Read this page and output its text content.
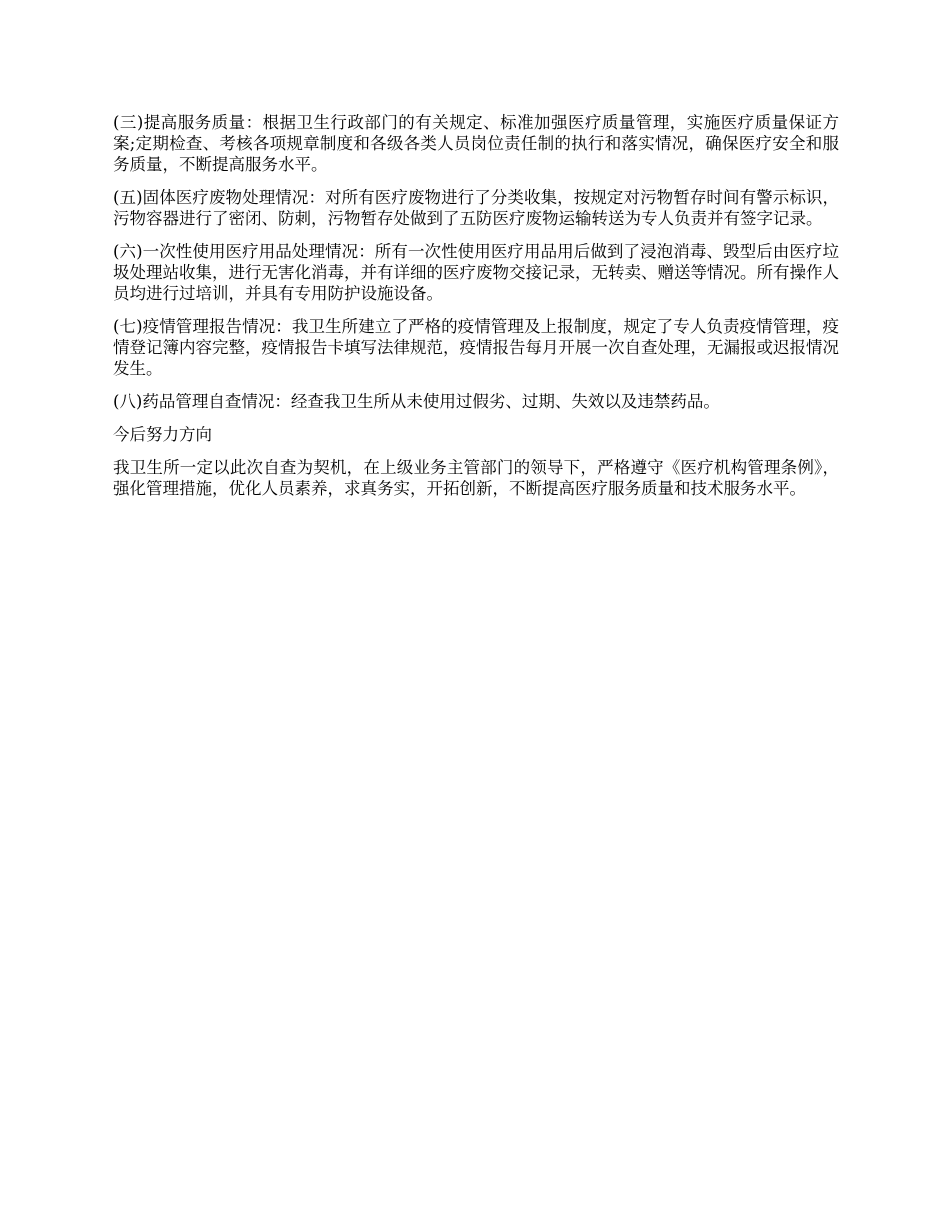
(三)提高服务质量：根据卫生行政部门的有关规定、标准加强医疗质量管理，实施医疗质量保证方案;定期检查、考核各项规章制度和各级各类人员岗位责任制的执行和落实情况，确保医疗安全和服务质量，不断提高服务水平。

(五)固体医疗废物处理情况：对所有医疗废物进行了分类收集，按规定对污物暂存时间有警示标识，污物容器进行了密闭、防刺，污物暂存处做到了五防医疗废物运输转送为专人负责并有签字记录。

(六)一次性使用医疗用品处理情况：所有一次性使用医疗用品用后做到了浸泡消毒、毁型后由医疗垃圾处理站收集，进行无害化消毒，并有详细的医疗废物交接记录，无转卖、赠送等情况。所有操作人员均进行过培训，并具有专用防护设施设备。

(七)疫情管理报告情况：我卫生所建立了严格的疫情管理及上报制度，规定了专人负责疫情管理，疫情登记簿内容完整，疫情报告卡填写法律规范，疫情报告每月开展一次自查处理，无漏报或迟报情况发生。

(八)药品管理自查情况：经查我卫生所从未使用过假劣、过期、失效以及违禁药品。

今后努力方向

我卫生所一定以此次自查为契机，在上级业务主管部门的领导下，严格遵守《医疗机构管理条例》，强化管理措施，优化人员素养，求真务实，开拓创新，不断提高医疗服务质量和技术服务水平。
